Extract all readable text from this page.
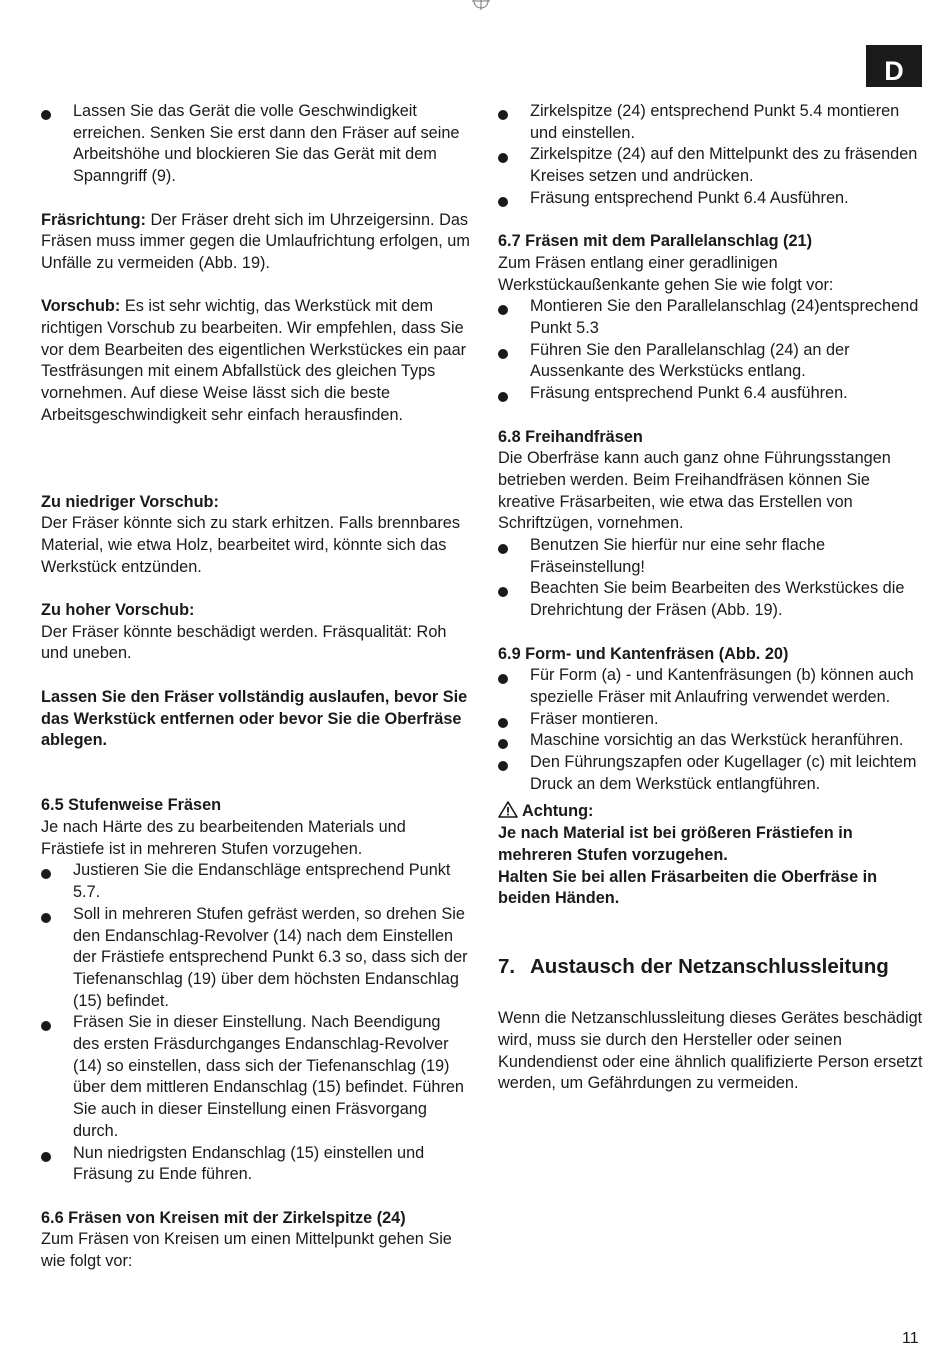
D
Lassen Sie das Gerät die volle Geschwindigkeit erreichen. Senken Sie erst dann den Fräser auf seine Arbeitshöhe und blockieren Sie das Gerät mit dem Spanngriff (9).

Fräsrichtung: Der Fräser dreht sich im Uhrzeigersinn. Das Fräsen muss immer gegen die Umlaufrichtung erfolgen, um Unfälle zu vermeiden (Abb. 19).

Vorschub: Es ist sehr wichtig, das Werkstück mit dem richtigen Vorschub zu bearbeiten. Wir empfehlen, dass Sie vor dem Bearbeiten des eigentlichen Werkstückes ein paar Testfräsungen mit einem Abfallstück des gleichen Typs vornehmen. Auf diese Weise lässt sich die beste Arbeitsgeschwindigkeit sehr einfach herausfinden.

Zu niedriger Vorschub:

Der Fräser könnte sich zu stark erhitzen. Falls brennbares Material, wie etwa Holz, bearbeitet wird, könnte sich das Werkstück entzünden.

Zu hoher Vorschub:

Der Fräser könnte beschädigt werden. Fräsqualität: Roh und uneben.

Lassen Sie den Fräser vollständig auslaufen, bevor Sie das Werkstück entfernen oder bevor Sie die Oberfräse ablegen.

6.5 Stufenweise Fräsen

Je nach Härte des zu bearbeitenden Materials und Frästiefe ist in mehreren Stufen vorzugehen.

Justieren Sie die Endanschläge entsprechend Punkt 5.7.
Soll in mehreren Stufen gefräst werden, so drehen Sie den Endanschlag-Revolver (14) nach dem Einstellen der Frästiefe entsprechend Punkt 6.3 so, dass sich der Tiefenanschlag (19) über dem höchsten Endanschlag (15) befindet.
Fräsen Sie in dieser Einstellung. Nach Beendigung des ersten Fräsdurchganges Endanschlag-Revolver (14) so einstellen, dass sich der Tiefenanschlag (19) über dem mittleren Endanschlag (15) befindet. Führen Sie auch in dieser Einstellung einen Fräsvorgang durch.
Nun niedrigsten Endanschlag (15) einstellen und Fräsung zu Ende führen.

6.6 Fräsen von Kreisen mit der Zirkelspitze (24)

Zum Fräsen von Kreisen um einen Mittelpunkt gehen Sie wie folgt vor:

Zirkelspitze (24) entsprechend Punkt 5.4 montieren und einstellen.
Zirkelspitze (24) auf den Mittelpunkt des zu fräsenden Kreises setzen und andrücken.
Fräsung entsprechend Punkt 6.4 Ausführen.

6.7 Fräsen mit dem Parallelanschlag (21)

Zum Fräsen entlang einer geradlinigen Werkstückaußenkante gehen Sie wie folgt vor:

Montieren Sie den Parallelanschlag (24)entsprechend Punkt 5.3
Führen Sie den Parallelanschlag (24) an der Aussenkante des Werkstücks entlang.
Fräsung entsprechend Punkt 6.4 ausführen.

6.8 Freihandfräsen

Die Oberfräse kann auch ganz ohne Führungsstangen betrieben werden. Beim Freihandfräsen können Sie kreative Fräsarbeiten, wie etwa das Erstellen von Schriftzügen, vornehmen.

Benutzen Sie hierfür nur eine sehr flache Fräseinstellung!
Beachten Sie beim Bearbeiten des Werkstückes die Drehrichtung der Fräsen (Abb. 19).

6.9 Form- und Kantenfräsen (Abb. 20)

Für Form (a) - und Kantenfräsungen (b) können auch spezielle Fräser mit Anlaufring verwendet werden.
Fräser montieren.
Maschine vorsichtig an das Werkstück heranführen.
Den Führungszapfen oder Kugellager (c) mit leichtem Druck an dem Werkstück entlangführen.

Achtung:

Je nach Material ist bei größeren Frästiefen in mehreren Stufen vorzugehen.

Halten Sie bei allen Fräsarbeiten die Oberfräse in beiden Händen.

7. Austausch der Netzanschlussleitung

Wenn die Netzanschlussleitung dieses Gerätes beschädigt wird, muss sie durch den Hersteller oder seinen Kundendienst oder eine ähnlich qualifizierte Person ersetzt werden, um Gefährdungen zu vermeiden.

11
